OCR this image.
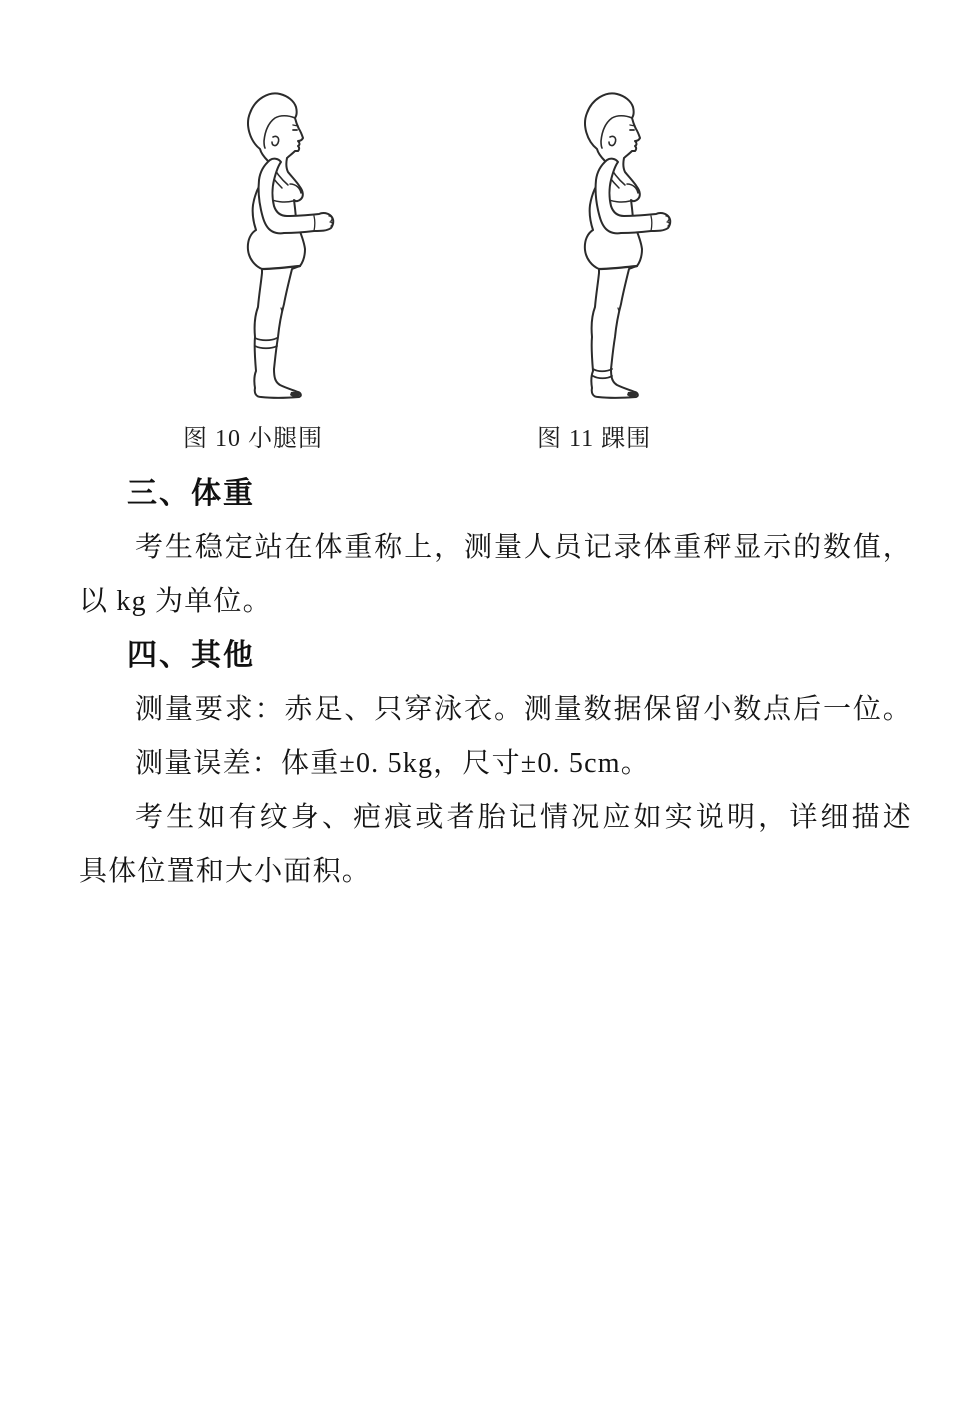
图 10 小腿围	图 11 踝围
三、体重
考生稳定站在体重称上，测量人员记录体重秤显示的数值，
以 kg 为单位。
四、其他
测量要求：赤足、只穿泳衣。测量数据保留小数点后一位。
测量误差：体重±0. 5kg，尺寸±0. 5cm。
考生如有纹身、疤痕或者胎记情况应如实说明，详细描述
具体位置和大小面积。
